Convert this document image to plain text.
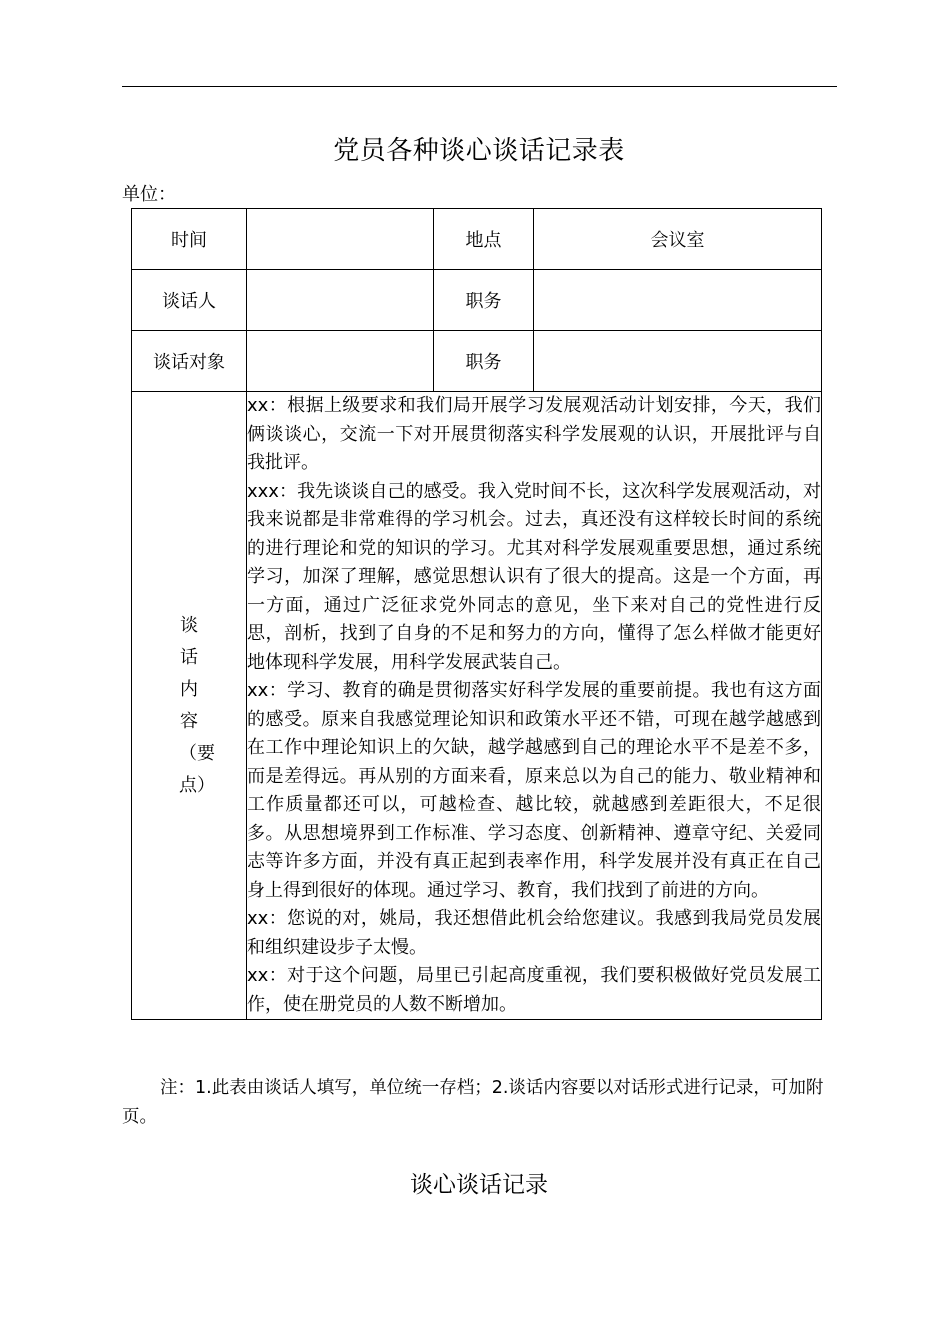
党员各种谈心谈话记录表
单位：
时间		地点	会议室
谈话人		职务	
谈话对象		职务	
谈话内容（要点）	xx：根据上级要求和我们局开展学习发展观活动计划安排，今天，我们俩谈谈心，交流一下对开展贯彻落实科学发展观的认识，开展批评与自我批评。

xxx：我先谈谈自己的感受。我入党时间不长，这次科学发展观活动，对我来说都是非常难得的学习机会。过去，真还没有这样较长时间的系统的进行理论和党的知识的学习。尤其对科学发展观重要思想，通过系统学习，加深了理解，感觉思想认识有了很大的提高。这是一个方面，再一方面，通过广泛征求党外同志的意见，坐下来对自己的党性进行反思，剖析，找到了自身的不足和努力的方向，懂得了怎么样做才能更好地体现科学发展，用科学发展武装自己。

xx：学习、教育的确是贯彻落实好科学发展的重要前提。我也有这方面的感受。原来自我感觉理论知识和政策水平还不错，可现在越学越感到在工作中理论知识上的欠缺，越学越感到自己的理论水平不是差不多，而是差得远。再从别的方面来看，原来总以为自己的能力、敬业精神和工作质量都还可以，可越检查、越比较，就越感到差距很大，不足很多。从思想境界到工作标准、学习态度、创新精神、遵章守纪、关爱同志等许多方面，并没有真正起到表率作用，科学发展并没有真正在自己身上得到很好的体现。通过学习、教育，我们找到了前进的方向。

xx：您说的对，姚局，我还想借此机会给您建议。我感到我局党员发展和组织建设步子太慢。

xx：对于这个问题，局里已引起高度重视，我们要积极做好党员发展工作，使在册党员的人数不断增加。		

注：1.此表由谈话人填写，单位统一存档；2.谈话内容要以对话形式进行记录，可加附页。
谈心谈话记录
